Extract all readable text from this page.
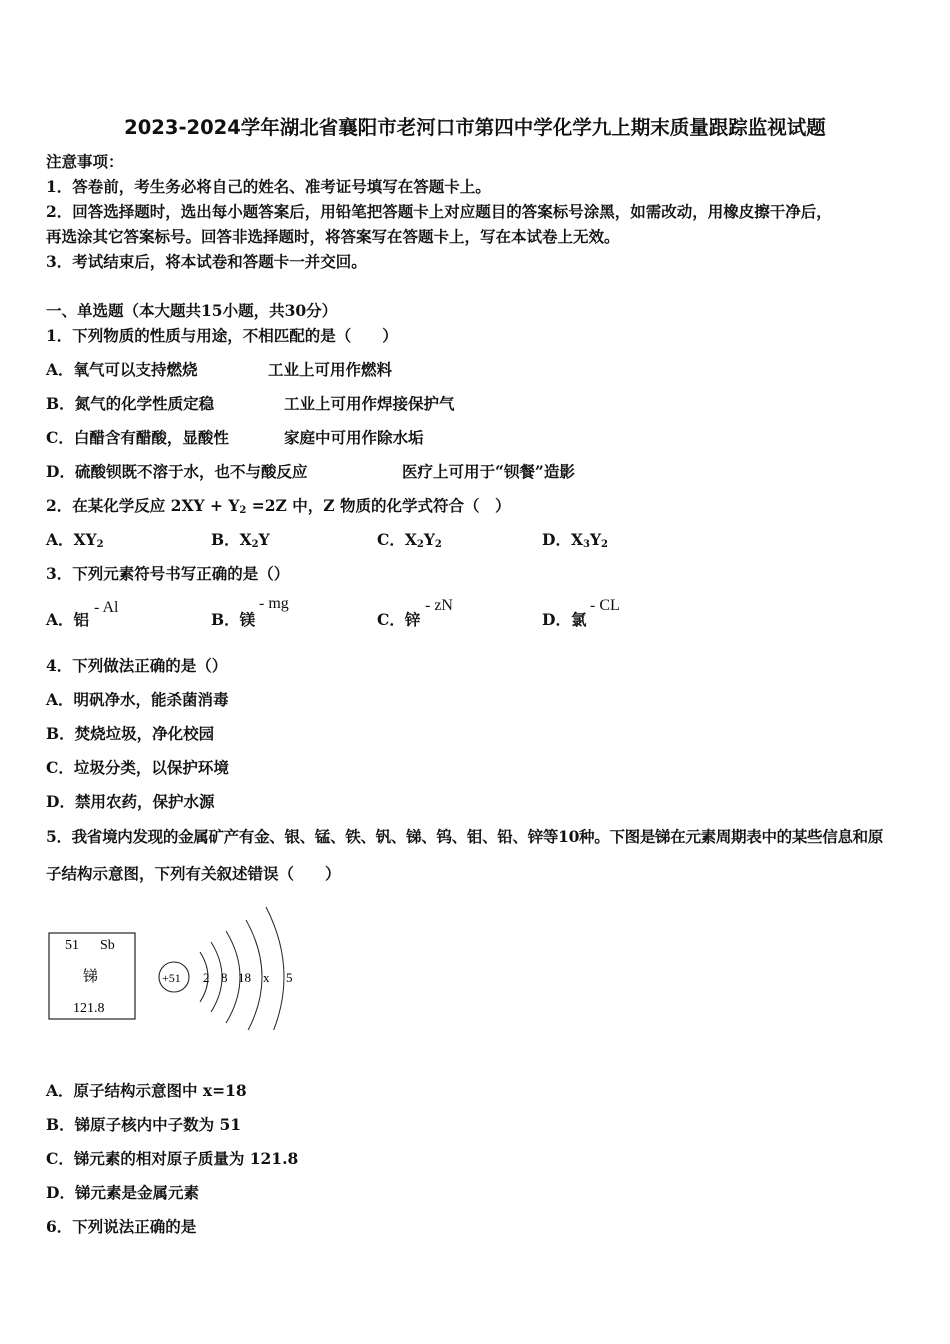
2023-2024学年湖北省襄阳市老河口市第四中学化学九上期末质量跟踪监视试题
注意事项：
1．答卷前，考生务必将自己的姓名、准考证号填写在答题卡上。
2．回答选择题时，选出每小题答案后，用铅笔把答题卡上对应题目的答案标号涂黑，如需改动，用橡皮擦干净后，
再选涂其它答案标号。回答非选择题时，将答案写在答题卡上，写在本试卷上无效。
3．考试结束后，将本试卷和答题卡一并交回。
一、单选题（本大题共15小题，共30分）
1．下列物质的性质与用途，不相匹配的是（　　）
A．氧气可以支持燃烧	工业上可用作燃料
B．氮气的化学性质定稳	工业上可用作焊接保护气
C．白醋含有醋酸，显酸性	家庭中可用作除水垢
D．硫酸钡既不溶于水，也不与酸反应	医疗上可用于“钡餐”造影
2．在某化学反应 $2XY + Y_2 =2Z$ 中，Z 物质的化学式符合（　）
A．$XY_2$	B．$X_2Y$	C．$X_2Y_2$	D．$X_3Y_2$
3．下列元素符号书写正确的是（）
A．铝
- Al
B．镁
- mg
C．锌
- zN
D．氯
- CL
4．下列做法正确的是（）
A．明矾净水，能杀菌消毒
B．焚烧垃圾，净化校园
C．垃圾分类，以保护环境
D．禁用农药，保护水源
5．我省境内发现的金属矿产有金、银、锰、铁、钒、锑、钨、钼、铅、锌等10种。下图是锑在元素周期表中的某些信息和原
子结构示意图，下列有关叙述错误（　　）
51 Sb
锑
121.8
+51 2 8 18 x 5
A．原子结构示意图中 x=18
B．锑原子核内中子数为 51
C．锑元素的相对原子质量为 121.8
D．锑元素是金属元素
6．下列说法正确的是
